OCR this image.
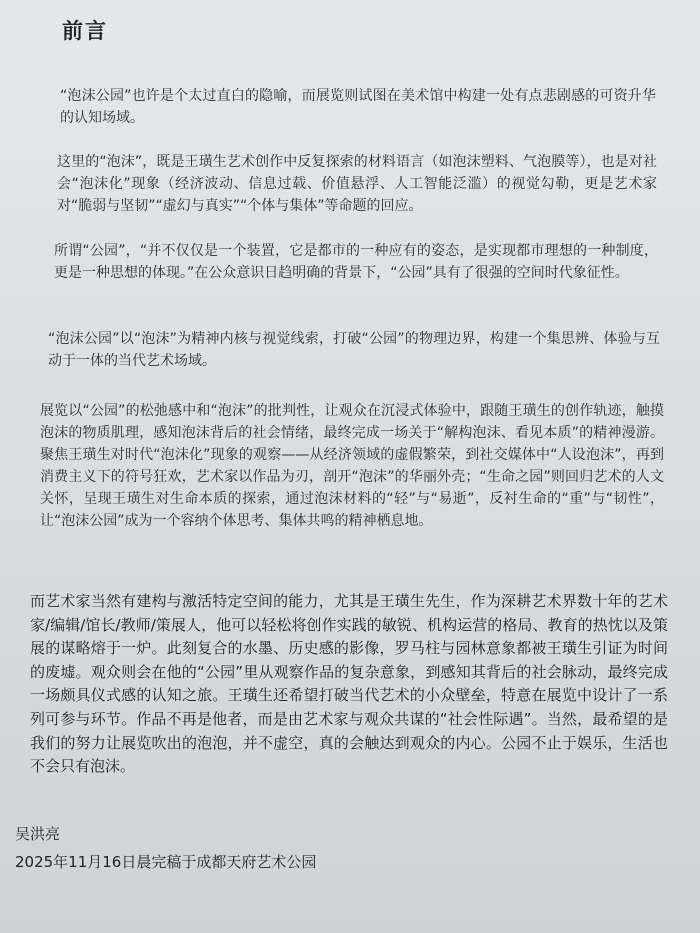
前言

“泡沫公园”也许是个太过直白的隐喻，而展览则试图在美术馆中构建一处有点悲剧感的可资升华的认知场域。

这里的“泡沫”，既是王璜生艺术创作中反复探索的材料语言（如泡沫塑料、气泡膜等），也是对社会“泡沫化”现象（经济波动、信息过载、价值悬浮、人工智能泛滥）的视觉勾勒，更是艺术家对“脆弱与坚韧”“虚幻与真实”“个体与集体”等命题的回应。

所谓“公园”，“并不仅仅是一个装置，它是都市的一种应有的姿态，是实现都市理想的一种制度，更是一种思想的体现。”在公众意识日趋明确的背景下，“公园”具有了很强的空间时代象征性。

“泡沫公园”以“泡沫”为精神内核与视觉线索，打破“公园”的物理边界，构建一个集思辨、体验与互动于一体的当代艺术场域。

展览以“公园”的松弛感中和“泡沫”的批判性，让观众在沉浸式体验中，跟随王璜生的创作轨迹，触摸泡沫的物质肌理，感知泡沫背后的社会情绪，最终完成一场关于“解构泡沫、看见本质”的精神漫游。聚焦王璜生对时代“泡沫化”现象的观察——从经济领域的虚假繁荣，到社交媒体中“人设泡沫”，再到消费主义下的符号狂欢，艺术家以作品为刃，剖开“泡沫”的华丽外壳；“生命之园”则回归艺术的人文关怀，呈现王璜生对生命本质的探索，通过泡沫材料的“轻”与“易逝”，反衬生命的“重”与“韧性”，让“泡沫公园”成为一个容纳个体思考、集体共鸣的精神栖息地。

而艺术家当然有建构与激活特定空间的能力，尤其是王璜生先生，作为深耕艺术界数十年的艺术家/编辑/馆长/教师/策展人，他可以轻松将创作实践的敏锐、机构运营的格局、教育的热忱以及策展的谋略熔于一炉。此刻复合的水墨、历史感的影像，罗马柱与园林意象都被王璜生引证为时间的废墟。观众则会在他的“公园”里从观察作品的复杂意象，到感知其背后的社会脉动，最终完成一场颇具仪式感的认知之旅。王璜生还希望打破当代艺术的小众壁垒，特意在展览中设计了一系列可参与环节。作品不再是他者，而是由艺术家与观众共谋的“社会性际遇”。当然，最希望的是我们的努力让展览吹出的泡泡，并不虚空，真的会触达到观众的内心。公园不止于娱乐，生活也不会只有泡沫。

吴洪亮
2025年11月16日晨完稿于成都天府艺术公园
